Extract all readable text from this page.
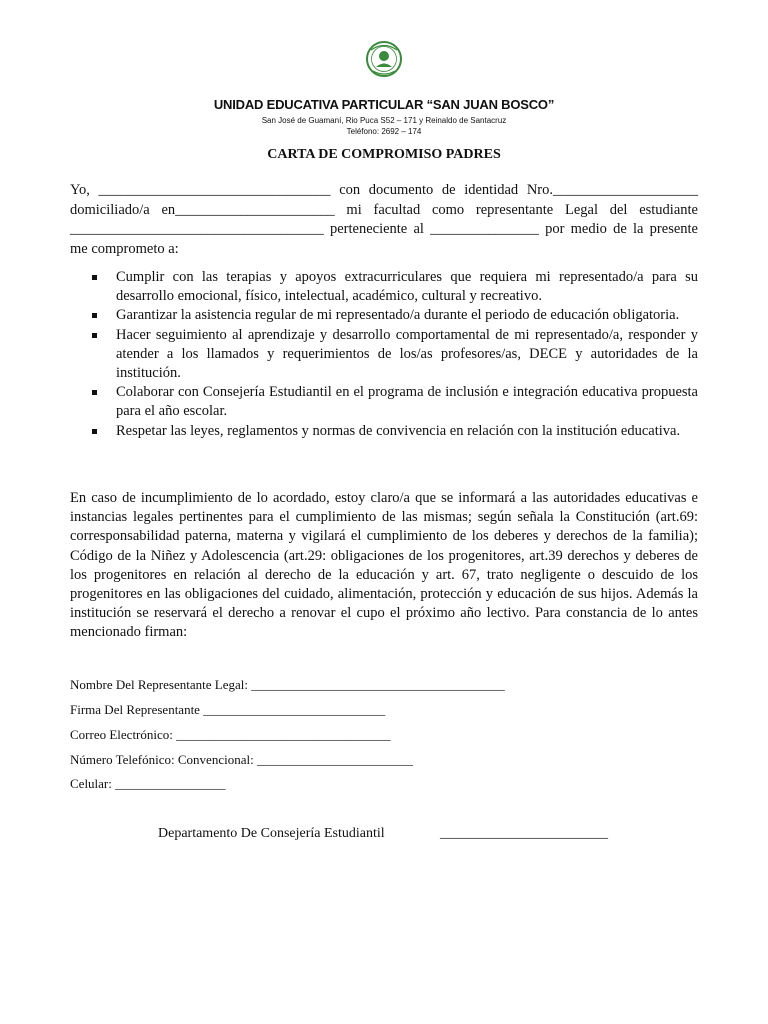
UNIDAD EDUCATIVA PARTICULAR “SAN JUAN BOSCO”
San José de Guamaní, Rio Puca S52 – 171 y Reinaldo de Santacruz
Teléfono: 2692 – 174
CARTA DE COMPROMISO PADRES

Yo, ________________________________ con documento de identidad Nro.____________________ domiciliado/a en______________________ mi facultad como representante Legal del estudiante ___________________________________ perteneciente al _______________ por medio de la presente me comprometo a:

Cumplir con las terapias y apoyos extracurriculares que requiera mi representado/a para su desarrollo emocional, físico, intelectual, académico, cultural y recreativo.
Garantizar la asistencia regular de mi representado/a durante el periodo de educación obligatoria.
Hacer seguimiento al aprendizaje y desarrollo comportamental de mi representado/a, responder y atender a los llamados y requerimientos de los/as profesores/as, DECE y autoridades de la institución.
Colaborar con Consejería Estudiantil en el programa de inclusión e integración educativa propuesta para el año escolar.
Respetar las leyes, reglamentos y normas de convivencia en relación con la institución educativa.

En caso de incumplimiento de lo acordado, estoy claro/a que se informará a las autoridades educativas e instancias legales pertinentes para el cumplimiento de las mismas; según señala la Constitución (art.69: corresponsabilidad paterna, materna y vigilará el cumplimiento de los deberes y derechos de la familia); Código de la Niñez y Adolescencia (art.29: obligaciones de los progenitores, art.39 derechos y deberes de los progenitores en relación al derecho de la educación y art. 67, trato negligente o descuido de los progenitores en las obligaciones del cuidado, alimentación, protección y educación de sus hijos. Además la institución se reservará el derecho a renovar el cupo el próximo año lectivo. Para constancia de lo antes mencionado firman:

Nombre Del Representante Legal: _______________________________________
Firma Del Representante ____________________________
Correo Electrónico: _________________________________
Número Telefónico: Convencional: ________________________
Celular: _________________
Departamento De Consejería Estudiantil	________________________
